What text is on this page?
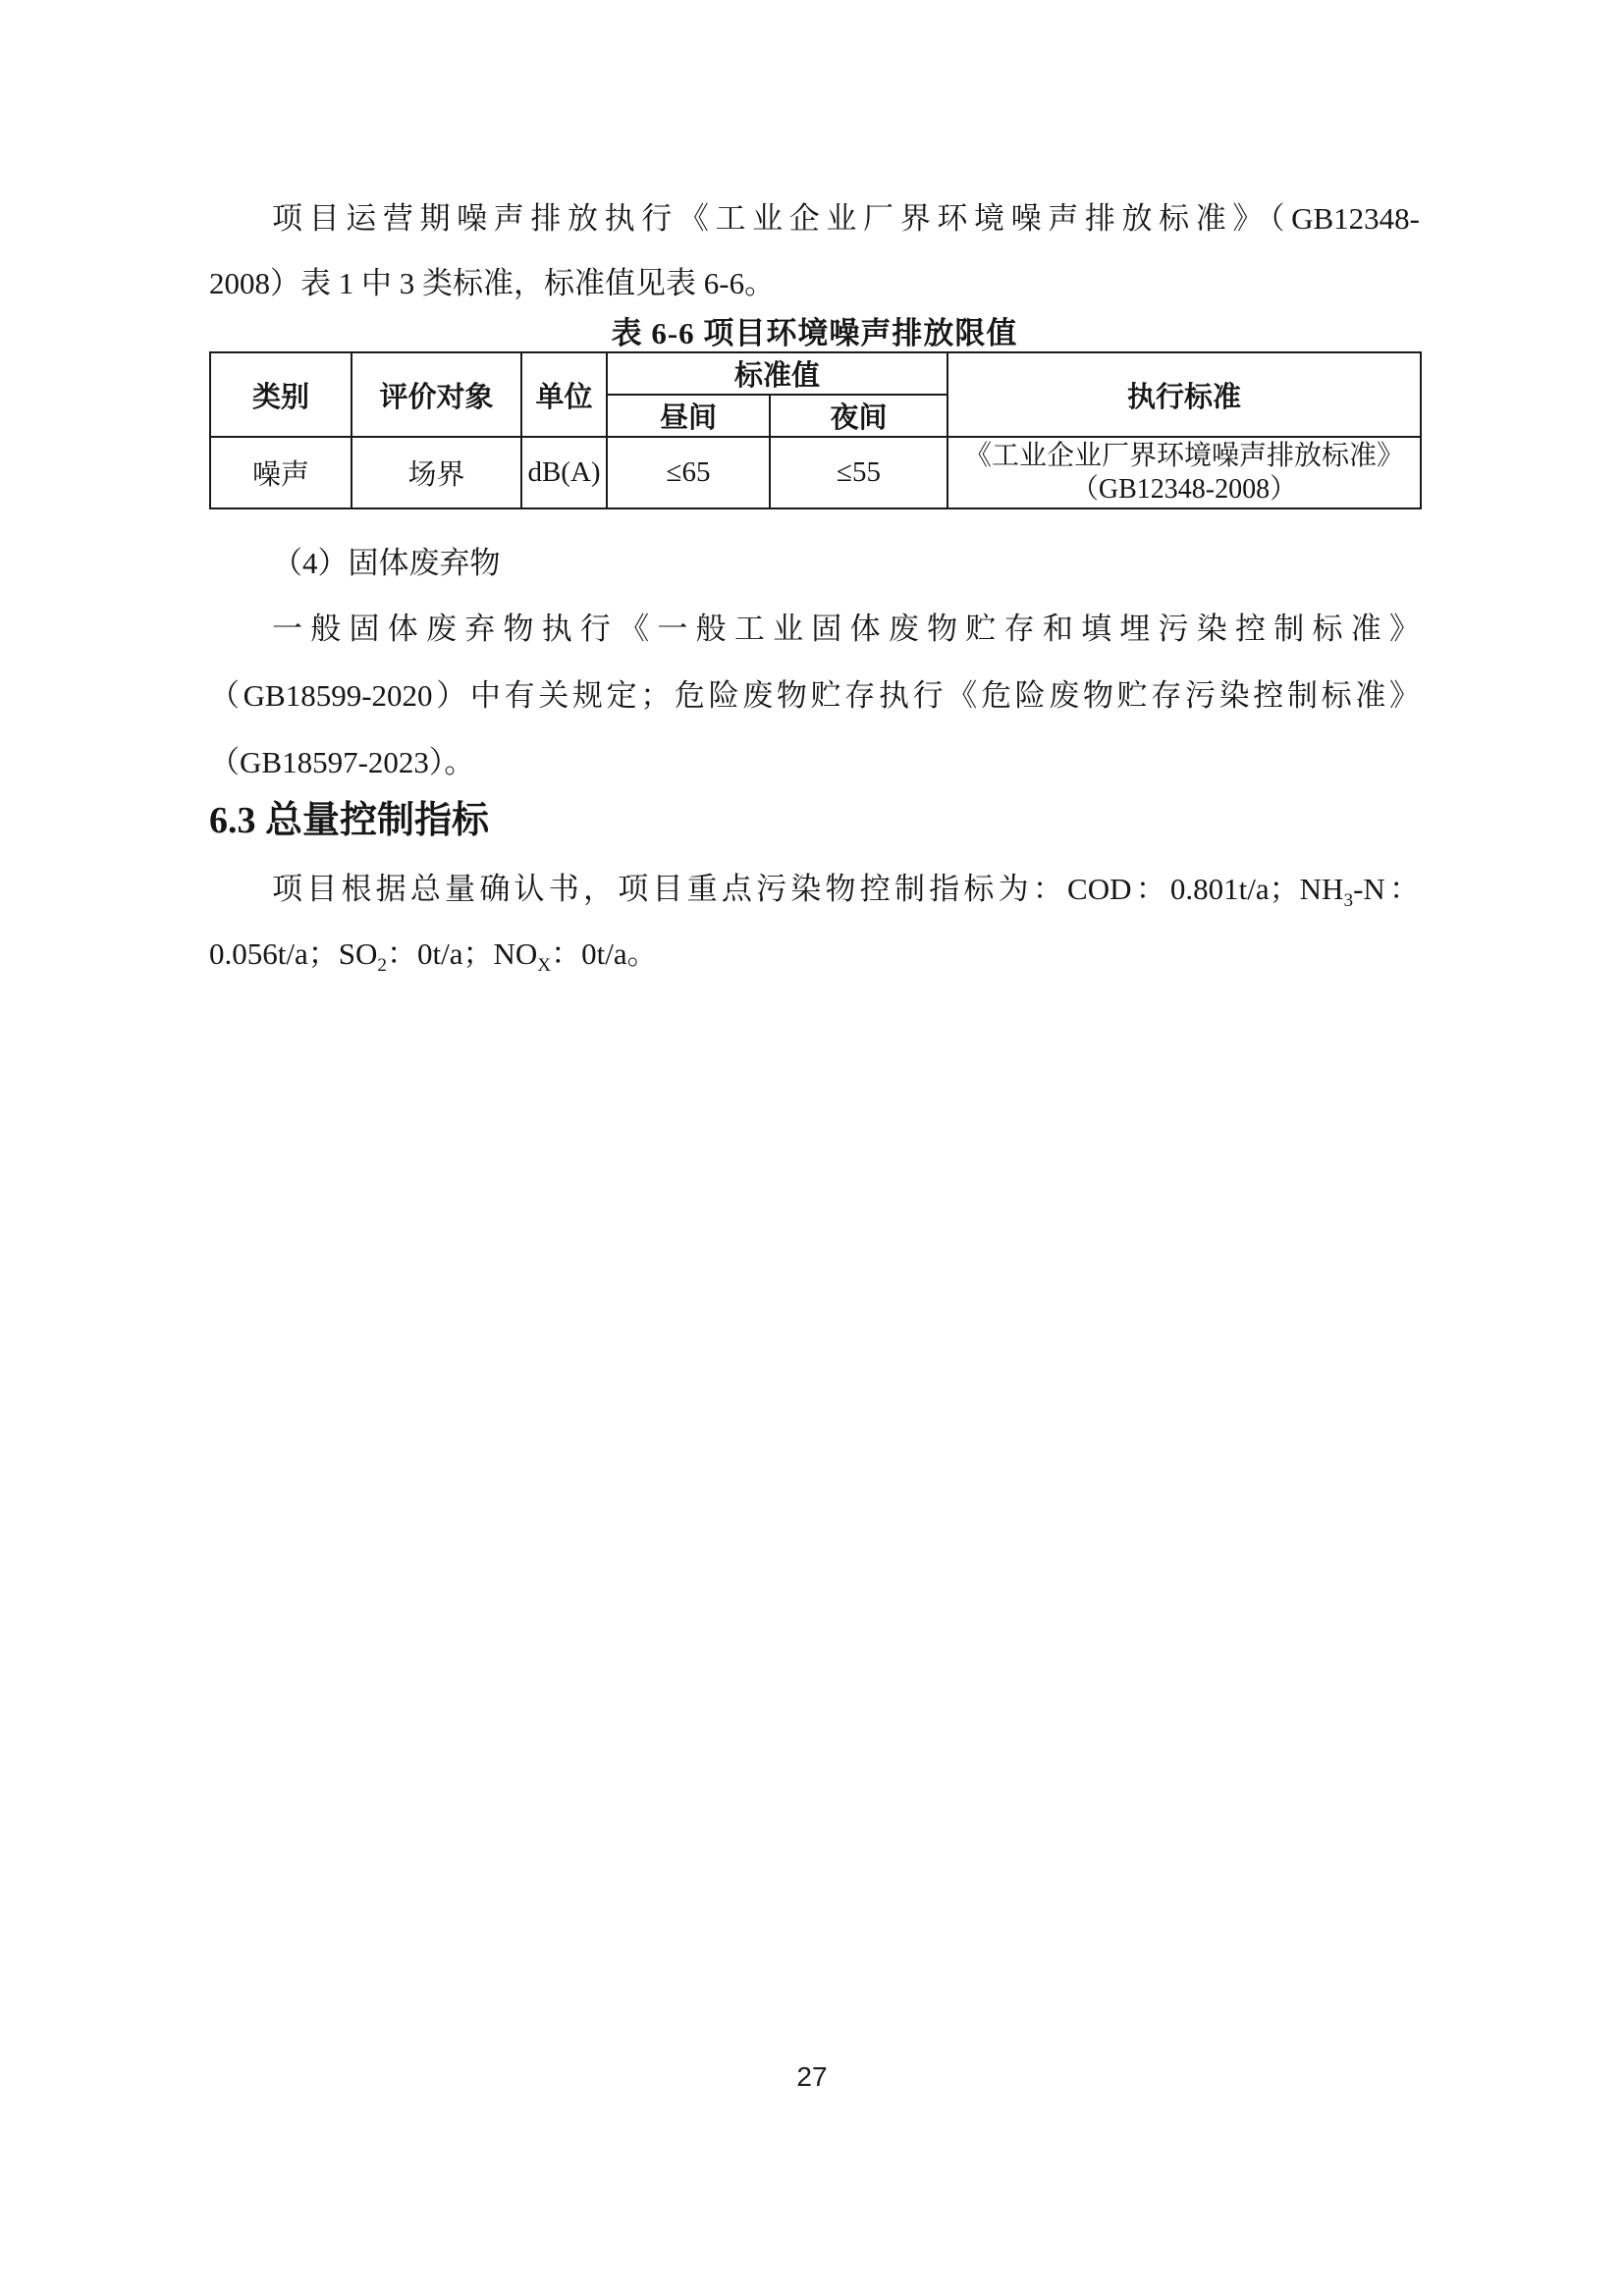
项目运营期噪声排放执行《工业企业厂界环境噪声排放标准》（GB12348-
2008）表 1 中 3 类标准，标准值见表 6-6。
表 6-6 项目环境噪声排放限值
类别	评价对象	单位	标准值		执行标准
			昼间	夜间	
噪声	场界	dB(A)	≤65	≤55	《工业企业厂界环境噪声排放标准》
（GB12348-2008）
（4）固体废弃物
一般固体废弃物执行《一般工业固体废物贮存和填埋污染控制标准》
（GB18599-2020）中有关规定；危险废物贮存执行《危险废物贮存污染控制标准》
（GB18597-2023）。
6.3 总量控制指标
项目根据总量确认书，项目重点污染物控制指标为：COD：0.801t/a；$NH_3-N$：
0.056t/a；$SO_2$：0t/a；$NO_X$：0t/a。
27
